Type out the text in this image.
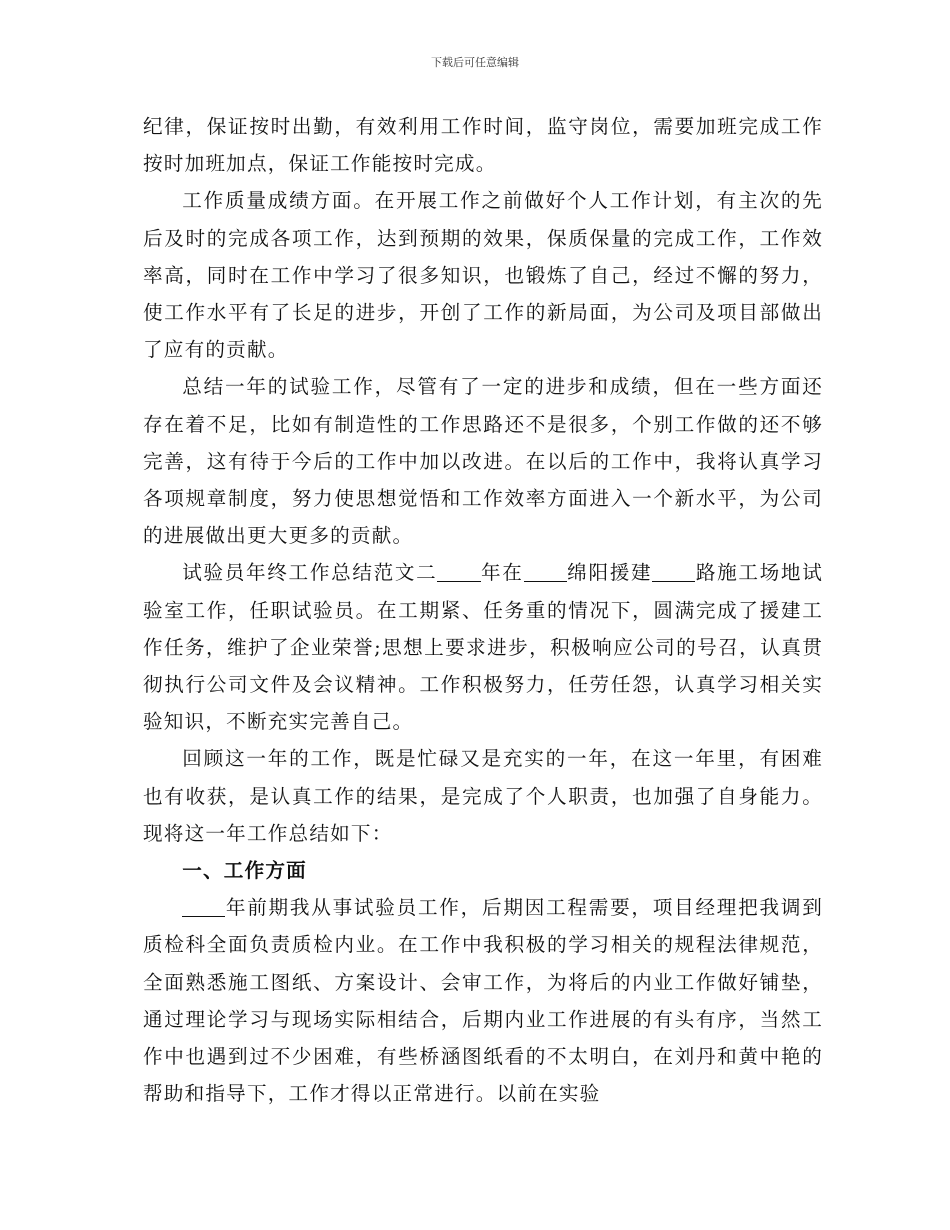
下载后可任意编辑

纪律，保证按时出勤，有效利用工作时间，监守岗位，需要加班完成工作按时加班加点，保证工作能按时完成。

工作质量成绩方面。在开展工作之前做好个人工作计划，有主次的先后及时的完成各项工作，达到预期的效果，保质保量的完成工作，工作效率高，同时在工作中学习了很多知识，也锻炼了自己，经过不懈的努力，使工作水平有了长足的进步，开创了工作的新局面，为公司及项目部做出了应有的贡献。

总结一年的试验工作，尽管有了一定的进步和成绩，但在一些方面还存在着不足，比如有制造性的工作思路还不是很多，个别工作做的还不够完善，这有待于今后的工作中加以改进。在以后的工作中，我将认真学习各项规章制度，努力使思想觉悟和工作效率方面进入一个新水平，为公司的进展做出更大更多的贡献。

试验员年终工作总结范文二 年在 绵阳援建 路施工场地试验室工作，任职试验员。在工期紧、任务重的情况下，圆满完成了援建工作任务，维护了企业荣誉;思想上要求进步，积极响应公司的号召，认真贯彻执行公司文件及会议精神。工作积极努力，任劳任怨，认真学习相关实验知识，不断充实完善自己。

回顾这一年的工作，既是忙碌又是充实的一年，在这一年里，有困难也有收获，是认真工作的结果，是完成了个人职责，也加强了自身能力。现将这一年工作总结如下：

一、工作方面

年前期我从事试验员工作，后期因工程需要，项目经理把我调到质检科全面负责质检内业。在工作中我积极的学习相关的规程法律规范，全面熟悉施工图纸、方案设计、会审工作，为将后的内业工作做好铺垫，通过理论学习与现场实际相结合，后期内业工作进展的有头有序，当然工作中也遇到过不少困难，有些桥涵图纸看的不太明白，在刘丹和黄中艳的帮助和指导下，工作才得以正常进行。以前在实验
